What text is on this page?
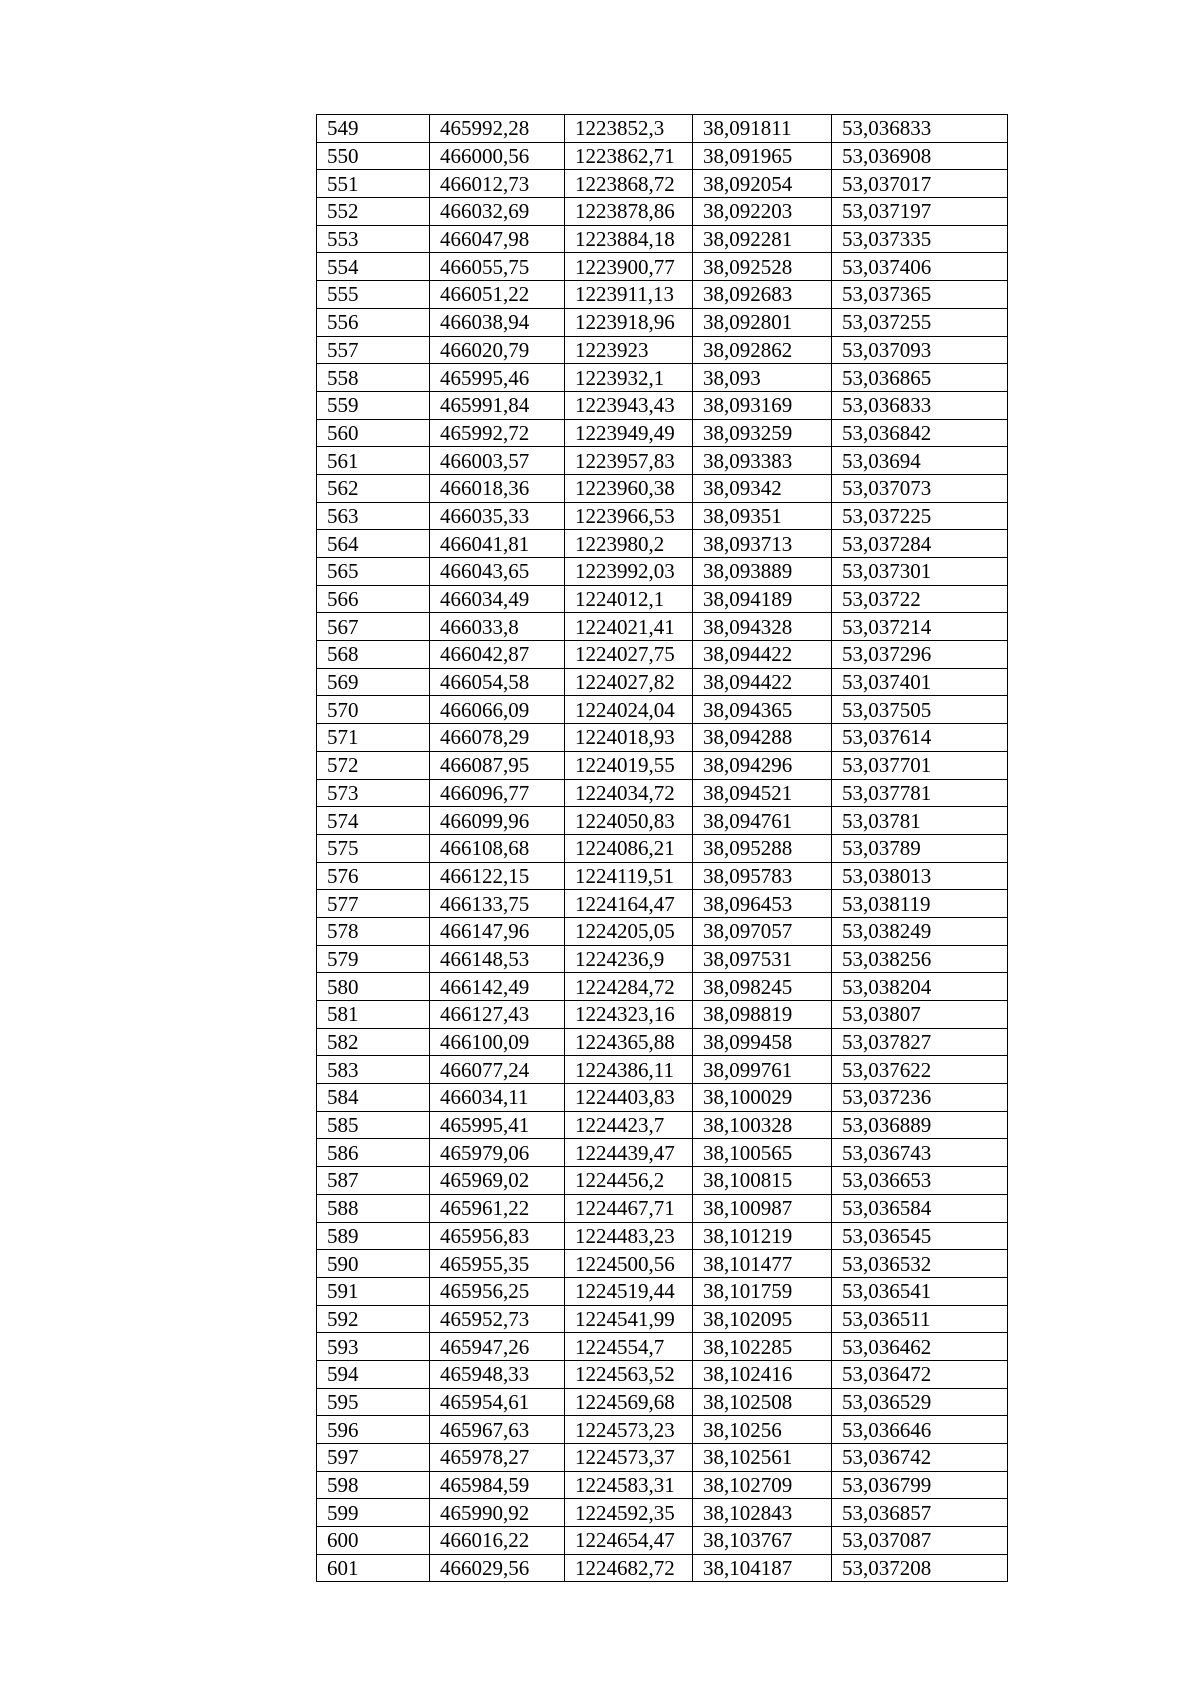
549	465992,28	1223852,3	38,091811	53,036833
550	466000,56	1223862,71	38,091965	53,036908
551	466012,73	1223868,72	38,092054	53,037017
552	466032,69	1223878,86	38,092203	53,037197
553	466047,98	1223884,18	38,092281	53,037335
554	466055,75	1223900,77	38,092528	53,037406
555	466051,22	1223911,13	38,092683	53,037365
556	466038,94	1223918,96	38,092801	53,037255
557	466020,79	1223923	38,092862	53,037093
558	465995,46	1223932,1	38,093	53,036865
559	465991,84	1223943,43	38,093169	53,036833
560	465992,72	1223949,49	38,093259	53,036842
561	466003,57	1223957,83	38,093383	53,03694
562	466018,36	1223960,38	38,09342	53,037073
563	466035,33	1223966,53	38,09351	53,037225
564	466041,81	1223980,2	38,093713	53,037284
565	466043,65	1223992,03	38,093889	53,037301
566	466034,49	1224012,1	38,094189	53,03722
567	466033,8	1224021,41	38,094328	53,037214
568	466042,87	1224027,75	38,094422	53,037296
569	466054,58	1224027,82	38,094422	53,037401
570	466066,09	1224024,04	38,094365	53,037505
571	466078,29	1224018,93	38,094288	53,037614
572	466087,95	1224019,55	38,094296	53,037701
573	466096,77	1224034,72	38,094521	53,037781
574	466099,96	1224050,83	38,094761	53,03781
575	466108,68	1224086,21	38,095288	53,03789
576	466122,15	1224119,51	38,095783	53,038013
577	466133,75	1224164,47	38,096453	53,038119
578	466147,96	1224205,05	38,097057	53,038249
579	466148,53	1224236,9	38,097531	53,038256
580	466142,49	1224284,72	38,098245	53,038204
581	466127,43	1224323,16	38,098819	53,03807
582	466100,09	1224365,88	38,099458	53,037827
583	466077,24	1224386,11	38,099761	53,037622
584	466034,11	1224403,83	38,100029	53,037236
585	465995,41	1224423,7	38,100328	53,036889
586	465979,06	1224439,47	38,100565	53,036743
587	465969,02	1224456,2	38,100815	53,036653
588	465961,22	1224467,71	38,100987	53,036584
589	465956,83	1224483,23	38,101219	53,036545
590	465955,35	1224500,56	38,101477	53,036532
591	465956,25	1224519,44	38,101759	53,036541
592	465952,73	1224541,99	38,102095	53,036511
593	465947,26	1224554,7	38,102285	53,036462
594	465948,33	1224563,52	38,102416	53,036472
595	465954,61	1224569,68	38,102508	53,036529
596	465967,63	1224573,23	38,10256	53,036646
597	465978,27	1224573,37	38,102561	53,036742
598	465984,59	1224583,31	38,102709	53,036799
599	465990,92	1224592,35	38,102843	53,036857
600	466016,22	1224654,47	38,103767	53,037087
601	466029,56	1224682,72	38,104187	53,037208
